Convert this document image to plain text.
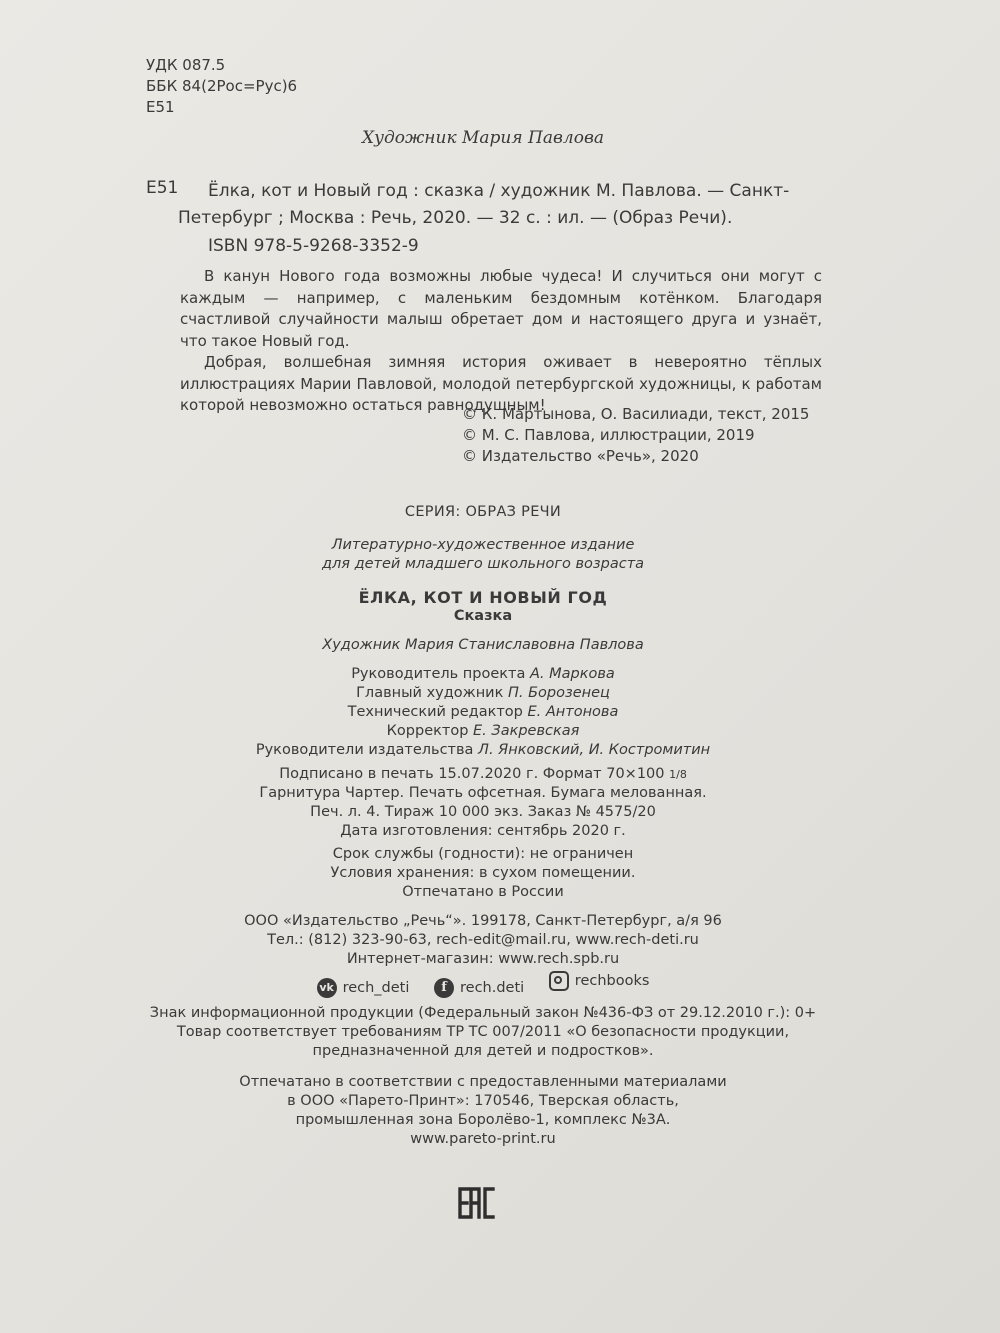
УДК 087.5
ББК 84(2Рос=Рус)6
Е51
Художник Мария Павлова
Е51 Ёлка, кот и Новый год : сказка / художник М. Павлова. — Санкт-
Петербург ; Москва : Речь, 2020. — 32 с. : ил. — (Образ Речи).
ISBN 978-5-9268-3352-9

В канун Нового года возможны любые чудеса! И случиться они могут с каждым — например, с маленьким бездомным котёнком. Благодаря счастливой случайности малыш обретает дом и настоящего друга и узнаёт, что такое Новый год.

Добрая, волшебная зимняя история оживает в невероятно тёплых иллюстрациях Марии Павловой, молодой петербургской художницы, к работам которой невозможно остаться равнодушным!

© К. Мартынова, О. Василиади, текст, 2015
© М. С. Павлова, иллюстрации, 2019
© Издательство «Речь», 2020
СЕРИЯ: ОБРАЗ РЕЧИ
Литературно-художественное издание
для детей младшего школьного возраста
ЁЛКА, КОТ И НОВЫЙ ГОД
Сказка
Художник Мария Станиславовна Павлова
Руководитель проекта А. Маркова
Главный художник П. Борозенец
Технический редактор Е. Антонова
Корректор Е. Закревская
Руководители издательства Л. Янковский, И. Костромитин
Подписано в печать 15.07.2020 г. Формат 70×100 1/8
Гарнитура Чартер. Печать офсетная. Бумага мелованная.
Печ. л. 4. Тираж 10 000 экз. Заказ № 4575/20
Дата изготовления: сентябрь 2020 г.
Срок службы (годности): не ограничен
Условия хранения: в сухом помещении.
Отпечатано в России
ООО «Издательство „Речь“». 199178, Санкт-Петербург, а/я 96
Тел.: (812) 323-90-63, rech-edit@mail.ru, www.rech-deti.ru
Интернет-магазин: www.rech.spb.ru
vk rech_deti
	f rech.deti
	rechbooks
Знак информационной продукции (Федеральный закон №436-ФЗ от 29.12.2010 г.): 0+
Товар соответствует требованиям ТР ТС 007/2011 «О безопасности продукции,
предназначенной для детей и подростков».
Отпечатано в соответствии с предоставленными материалами
в ООО «Парето-Принт»: 170546, Тверская область,
промышленная зона Боролёво-1, комплекс №3А.
www.pareto-print.ru
